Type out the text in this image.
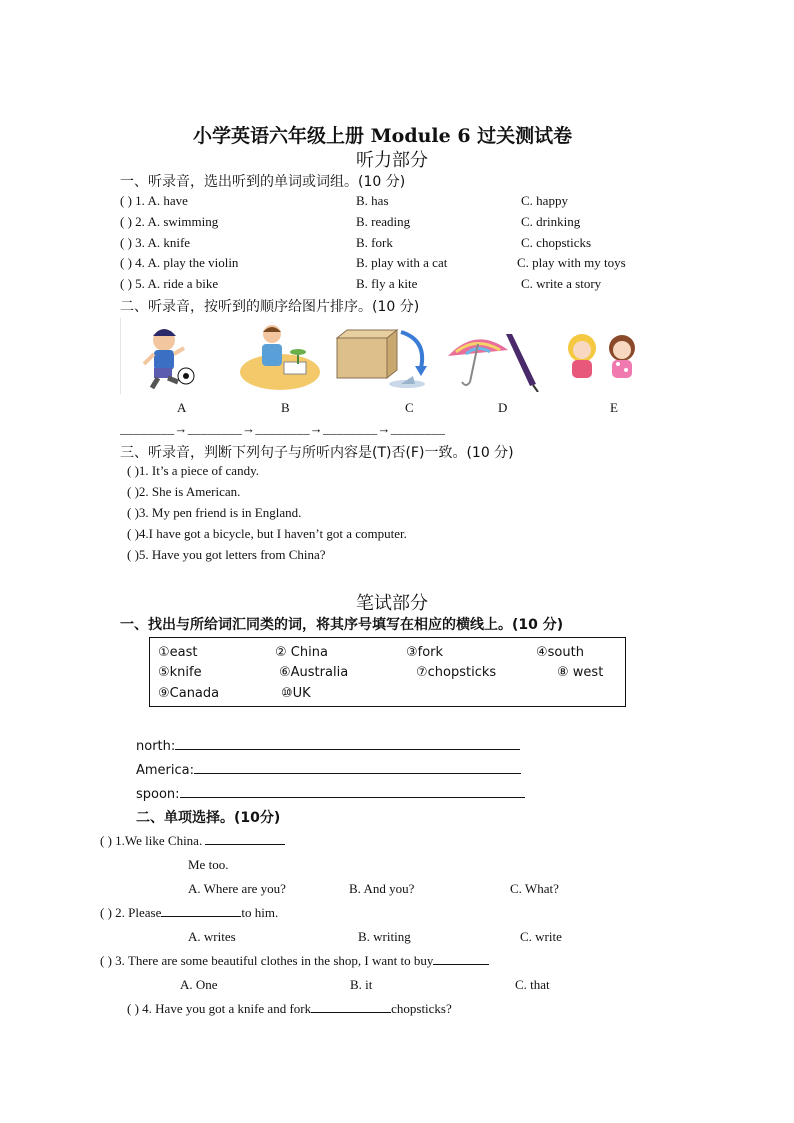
小学英语六年级上册 Module 6 过关测试卷
听力部分
一、听录音，选出听到的单词或词组。(10 分)
( ) 1. A. have	B. has	C. happy
( ) 2. A. swimming	B. reading	C. drinking
( ) 3. A. knife	B. fork	C. chopsticks
( ) 4. A. play the violin	B. play with a cat	C. play with my toys
( ) 5. A. ride a bike	B. fly a kite	C. write a story
二、听录音，按听到的顺序给图片排序。(10 分)
A	B	C	D	E
________→________→________→________→________
三、听录音，判断下列句子与所听内容是(T)否(F)一致。(10 分)
( )1. It’s a piece of candy.
( )2. She is American.
( )3. My pen friend is in England.
( )4.I have got a bicycle, but I haven’t got a computer.
( )5. Have you got letters from China?
笔试部分
一、找出与所给词汇同类的词，将其序号填写在相应的横线上。(10 分)
①east	② China	③fork	④south
⑤knife	⑥Australia	⑦chopsticks	⑧ west
⑨Canada	⑩UK
north:
America:
spoon:
二、单项选择。(10分)
( ) 1.We like China.
Me too.
A. Where are you?	B. And you?	C. What?
( ) 2. Please	to him.
A. writes	B. writing	C. write
( ) 3. There are some beautiful clothes in the shop, I want to buy
A. One	B. it	C. that
( ) 4. Have you got a knife and fork	chopsticks?
